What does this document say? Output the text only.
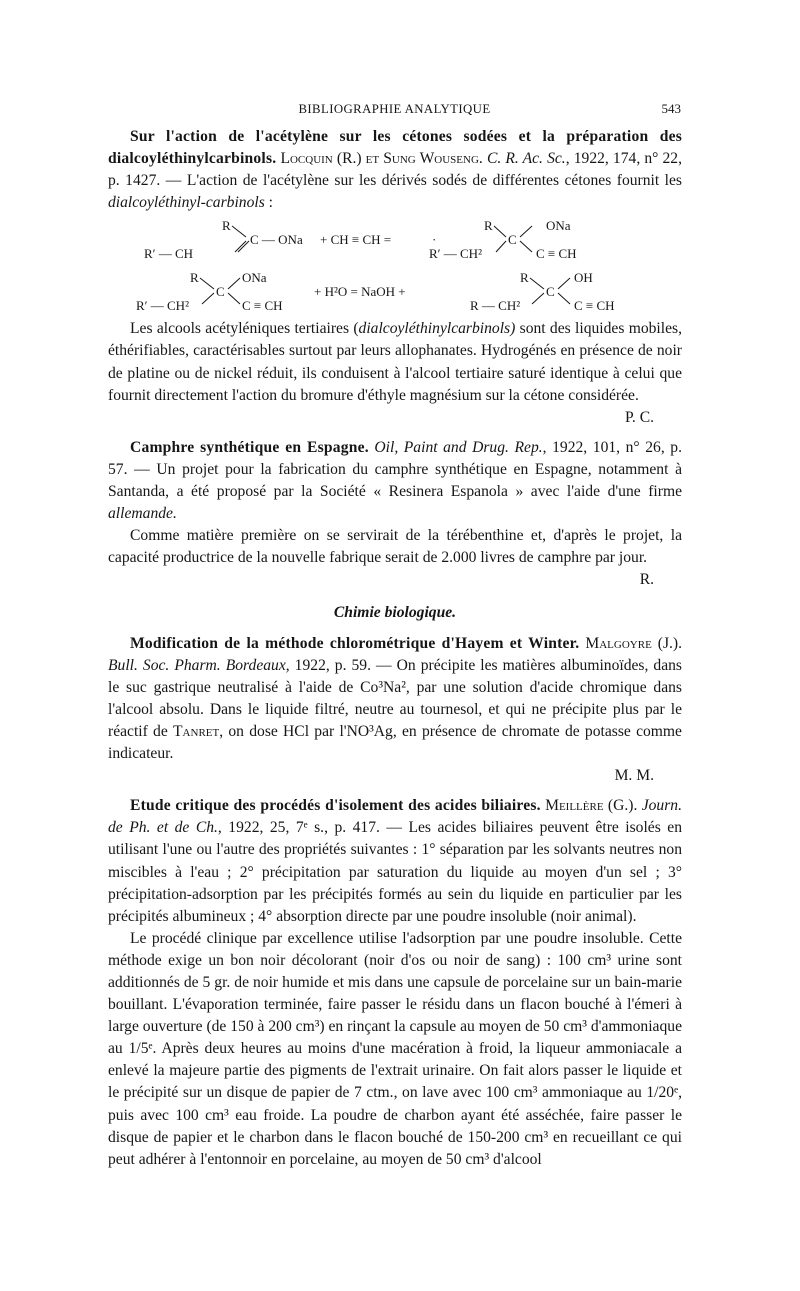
BIBLIOGRAPHIE ANALYTIQUE	543

Sur l'action de l'acétylène sur les cétones sodées et la préparation des dialcoyléthinylcarbinols. Locquin (R.) et Sung Wouseng. C. R. Ac. Sc., 1922, 174, n° 22, p. 1427. — L'action de l'acétylène sur les dérivés sodés de différentes cétones fournit les dialcoyléthinyl-carbinols :

R
R′ — CH
C — ONa + CH ≡ CH =	·
R
C
ONa
R′ — CH²	C ≡ CH
R
C
ONa
R′ — CH²	C ≡ CH
+ H²O = NaOH +
R
C
OH
R — CH²	C ≡ CH

Les alcools acétyléniques tertiaires (dialcoyléthinylcarbinols) sont des liquides mobiles, éthérifiables, caractérisables surtout par leurs allophanates. Hydrogénés en présence de noir de platine ou de nickel réduit, ils conduisent à l'alcool tertiaire saturé identique à celui que fournit directement l'action du bromure d'éthyle magnésium sur la cétone considérée.
P. C.

Camphre synthétique en Espagne. Oil, Paint and Drug. Rep., 1922, 101, n° 26, p. 57. — Un projet pour la fabrication du camphre synthétique en Espagne, notamment à Santanda, a été proposé par la Société « Resinera Espanola » avec l'aide d'une firme allemande.

Comme matière première on se servirait de la térébenthine et, d'après le projet, la capacité productrice de la nouvelle fabrique serait de 2.000 livres de camphre par jour.
R.

Chimie biologique.

Modification de la méthode chlorométrique d'Hayem et Winter. Malgoyre (J.). Bull. Soc. Pharm. Bordeaux, 1922, p. 59. — On précipite les matières albuminoïdes, dans le suc gastrique neutralisé à l'aide de Co³Na², par une solution d'acide chromique dans l'alcool absolu. Dans le liquide filtré, neutre au tournesol, et qui ne précipite plus par le réactif de Tanret, on dose HCl par l'NO³Ag, en présence de chromate de potasse comme indicateur.
M. M.

Etude critique des procédés d'isolement des acides biliaires. Meillère (G.). Journ. de Ph. et de Ch., 1922, 25, 7ᵉ s., p. 417. — Les acides biliaires peuvent être isolés en utilisant l'une ou l'autre des propriétés suivantes : 1° séparation par les solvants neutres non miscibles à l'eau ; 2° précipitation par saturation du liquide au moyen d'un sel ; 3° précipitation-adsorption par les précipités formés au sein du liquide en particulier par les précipités albumineux ; 4° absorption directe par une poudre insoluble (noir animal).

Le procédé clinique par excellence utilise l'adsorption par une poudre insoluble. Cette méthode exige un bon noir décolorant (noir d'os ou noir de sang) : 100 cm³ urine sont additionnés de 5 gr. de noir humide et mis dans une capsule de porcelaine sur un bain-marie bouillant. L'évaporation terminée, faire passer le résidu dans un flacon bouché à l'émeri à large ouverture (de 150 à 200 cm³) en rinçant la capsule au moyen de 50 cm³ d'ammoniaque au 1/5ᵉ. Après deux heures au moins d'une macération à froid, la liqueur ammoniacale a enlevé la majeure partie des pigments de l'extrait urinaire. On fait alors passer le liquide et le précipité sur un disque de papier de 7 ctm., on lave avec 100 cm³ ammoniaque au 1/20ᵉ, puis avec 100 cm³ eau froide. La poudre de charbon ayant été asséchée, faire passer le disque de papier et le charbon dans le flacon bouché de 150-200 cm³ en recueillant ce qui peut adhérer à l'entonnoir en porcelaine, au moyen de 50 cm³ d'alcool
